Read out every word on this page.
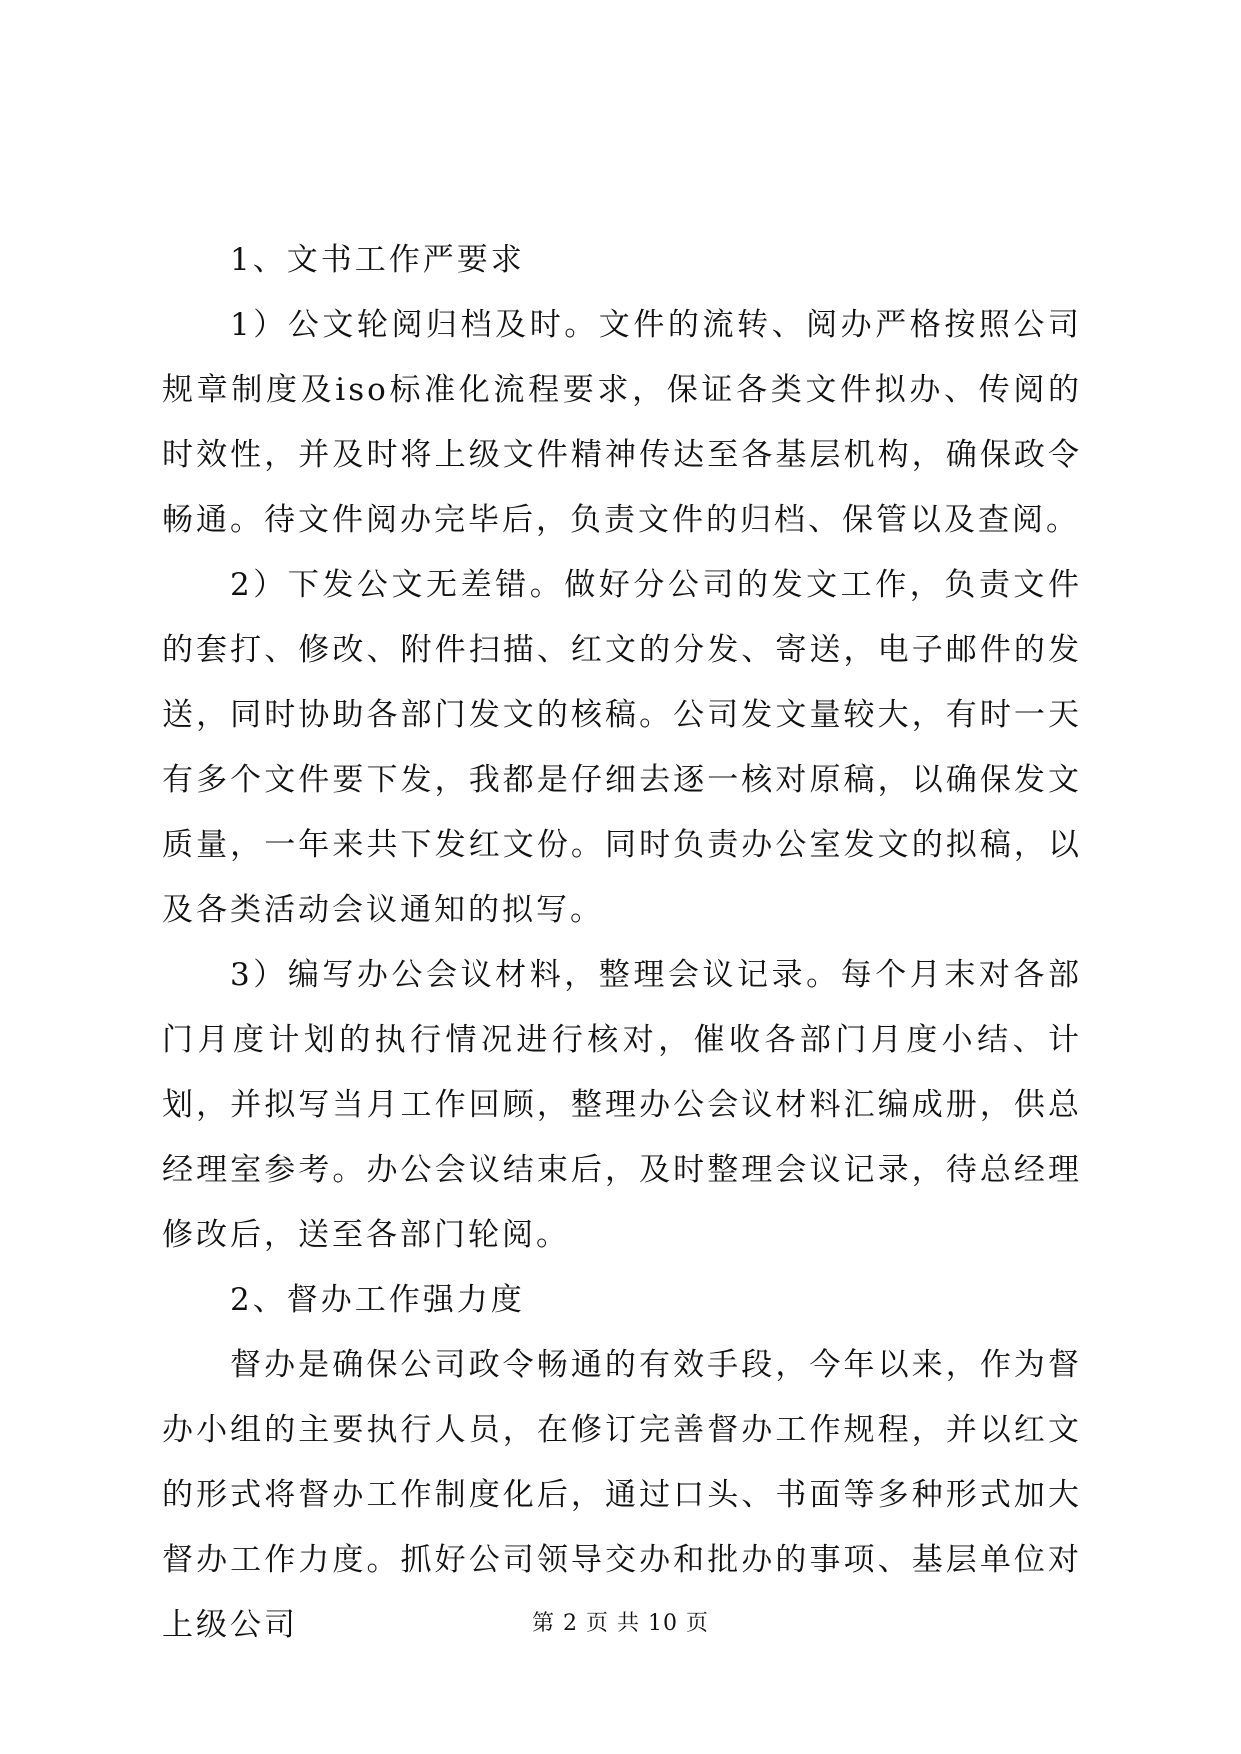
1、文书工作严要求

1）公文轮阅归档及时。文件的流转、阅办严格按照公司规章制度及iso标准化流程要求，保证各类文件拟办、传阅的时效性，并及时将上级文件精神传达至各基层机构，确保政令畅通。待文件阅办完毕后，负责文件的归档、保管以及查阅。

2）下发公文无差错。做好分公司的发文工作，负责文件的套打、修改、附件扫描、红文的分发、寄送，电子邮件的发送，同时协助各部门发文的核稿。公司发文量较大，有时一天有多个文件要下发，我都是仔细去逐一核对原稿，以确保发文质量，一年来共下发红文份。同时负责办公室发文的拟稿，以及各类活动会议通知的拟写。

3）编写办公会议材料，整理会议记录。每个月末对各部门月度计划的执行情况进行核对，催收各部门月度小结、计划，并拟写当月工作回顾，整理办公会议材料汇编成册，供总经理室参考。办公会议结束后，及时整理会议记录，待总经理修改后，送至各部门轮阅。

2、督办工作强力度

督办是确保公司政令畅通的有效手段，今年以来，作为督办小组的主要执行人员，在修订完善督办工作规程，并以红文的形式将督办工作制度化后，通过口头、书面等多种形式加大督办工作力度。抓好公司领导交办和批办的事项、基层单位对上级公司	第 2 页 共 10 页
